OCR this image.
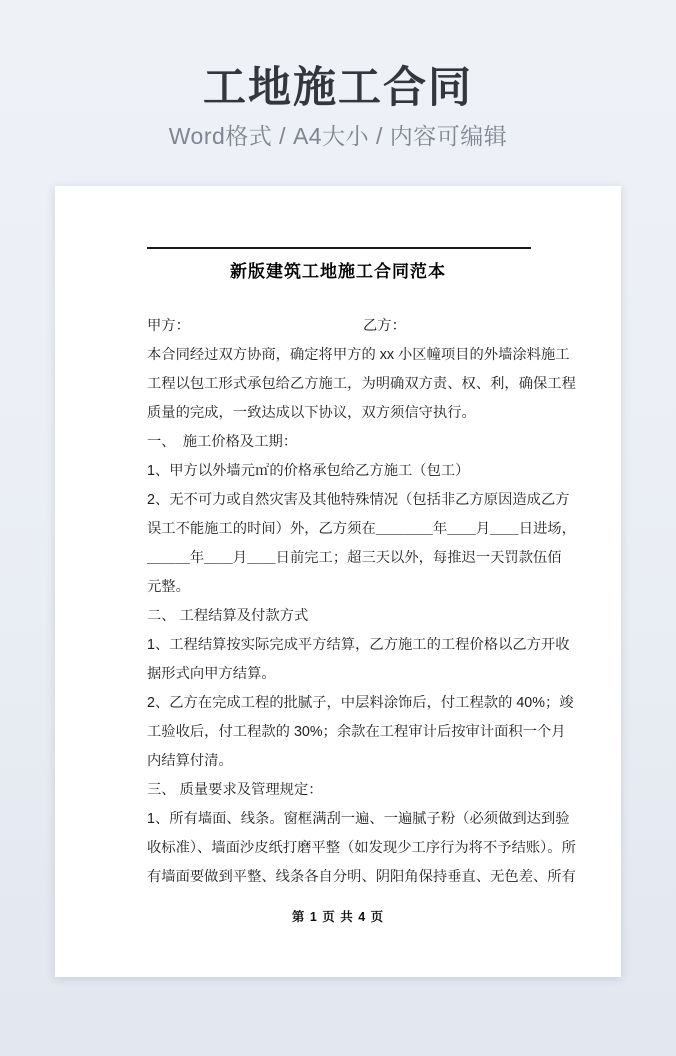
工地施工合同
Word格式 / A4大小 / 内容可编辑
新版建筑工地施工合同范本
甲方：	乙方：
本合同经过双方协商，确定将甲方的 xx 小区幢项目的外墙涂料施工
工程以包工形式承包给乙方施工，为明确双方责、权、利，确保工程
质量的完成，一致达成以下协议，双方须信守执行。
一、　施工价格及工期：
1、甲方以外墙元㎡的价格承包给乙方施工（包工）
2、无不可力或自然灾害及其他特殊情况（包括非乙方原因造成乙方
误工不能施工的时间）外，乙方须在＿＿＿＿年＿＿月＿＿日进场，
＿＿＿年＿＿月＿＿日前完工；超三天以外，每推迟一天罚款伍佰
元整。
二、 工程结算及付款方式
1、工程结算按实际完成平方结算，乙方施工的工程价格以乙方开收
据形式向甲方结算。
2、乙方在完成工程的批腻子，中层料涂饰后，付工程款的 40%；竣
工验收后，付工程款的 30%；余款在工程审计后按审计面积一个月
内结算付清。
三、 质量要求及管理规定：
1、所有墙面、线条。窗框满刮一遍、一遍腻子粉（必须做到达到验
收标准）、墙面沙皮纸打磨平整（如发现少工序行为将不予结账）。所
有墙面要做到平整、线条各自分明、阴阳角保持垂直、无色差、所有
第 1 页 共 4 页
